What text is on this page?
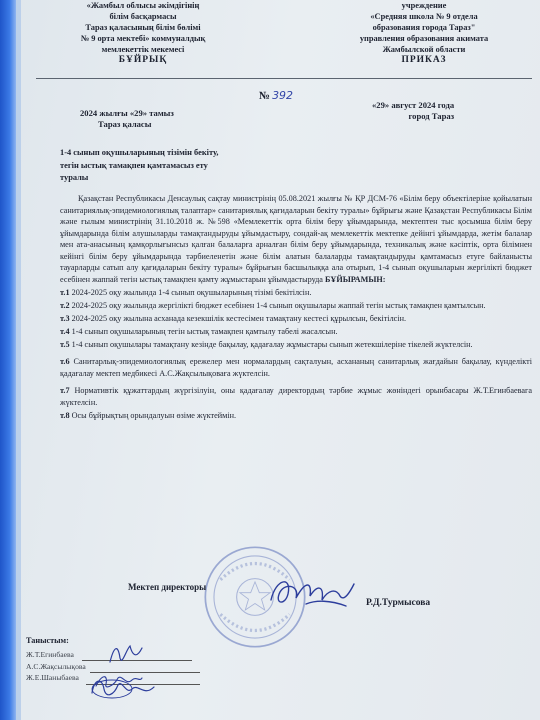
«Жамбыл облысы әкімдігінің
білім басқармасы
Тараз қаласының білім бөлімі
№ 9 орта мектебі» коммуналдық
мемлекеттік мекемесі
БҰЙРЫҚ
учреждение
«Средняя школа № 9 отдела
образования города Тараз"
управления образования акимата
Жамбылской области
ПРИКАЗ
2024 жылғы «29» тамыз
Тараз қаласы
№ 392
«29» август 2024 года
город Тараз
1-4 сынып оқушыларының тізімін бекіту, тегін ыстық тамақпен қамтамасыз ету туралы

Қазақстан Республикасы Денсаулық сақтау министрінің 05.08.2021 жылғы № ҚР ДСМ-76 «Білім беру объектілеріне қойылатын санитариялық-эпидемиологиялық талаптар» санитариялық қағидаларын бекіту туралы» бұйрығы және Қазақстан Республикасы Білім және ғылым министрінің 31.10.2018 ж. №598 «Мемлекеттік орта білім беру ұйымдарында, мектептен тыс қосымша білім беру ұйымдарында білім алушыларды тамақтандыруды ұйымдастыру, сондай-ақ мемлекеттік мектепке дейінгі ұйымдарда, жетім балалар мен ата-анасының қамқорлығынсыз қалған балаларға арналған білім беру ұйымдарында, техникалық және кәсіптік, орта білімнен кейінгі білім беру ұйымдарында тәрбиеленетін және білім алатын балаларды тамақтандыруды қамтамасыз етуге байланысты тауарларды сатып алу қағидаларын бекіту туралы» бұйрығын басшылыққа ала отырып, 1-4 сынып оқушыларын жергілікті бюджет есебінен жаппай тегін ыстық тамақпен қамту жұмыстарын ұйымдастыруда БҰЙЫРАМЫН:

т.1 2024-2025 оқу жылында 1-4 сынып оқушыларының тізімі бекітілсін.

т.2 2024-2025 оқу жылында жергілікті бюджет есебінен 1-4 сынып оқушылары жаппай тегін ыстық тамақпен қамтылсын.

т.3 2024-2025 оқу жылына асханада кезекшілік кестесімен тамақтану кестесі құрылсын, бекітілсін.

т.4 1-4 сынып оқушыларының тегін ыстық тамақпен қамтылу табелі жасалсын.

т.5 1-4 сынып оқушылары тамақтану кезінде бақылау, қадағалау жұмыстары сынып жетекшілеріне тікелей жүктелсін.

т.6 Санитарлық-эпидемиологиялық ережелер мен нормалардың сақталуын, асхананың санитарлық жағдайын бақылау, күнделікті қадағалау мектеп медбикесі А.С.Жақсылықоваға жүктелсін.

т.7 Нормативтік құжаттардың жүргізілуін, оны қадағалау директордың тәрбие жұмыс жөніндегі орынбасары Ж.Т.Егинбаевага жүктелсін.

т.8 Осы бұйрықтың орындалуын өзіме жүктеймін.

Мектеп директоры
Р.Д.Турмысова
Таныстым:
Ж.Т.Егинбаева
А.С.Жақсылықова
Ж.Е.Шаныбаева
